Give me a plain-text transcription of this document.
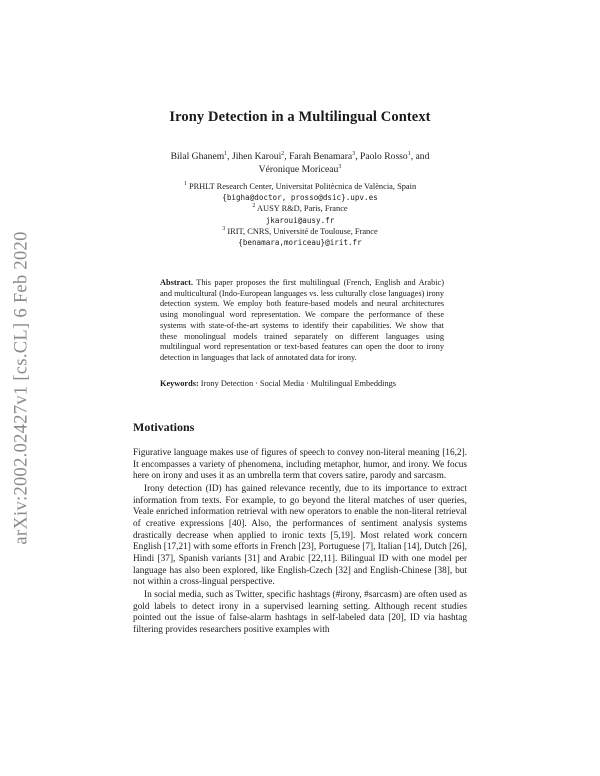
arXiv:2002.02427v1 [cs.CL] 6 Feb 2020
Irony Detection in a Multilingual Context
Bilal Ghanem$^1$, Jihen Karoui$^2$, Farah Benamara$^3$, Paolo Rosso$^1$, and
Véronique Moriceau$^3$
$^1$ PRHLT Research Center, Universitat Politècnica de València, Spain
{bigha@doctor, prosso@dsic}.upv.es
$^2$ AUSY R&D, Paris, France
jkaroui@ausy.fr
$^3$ IRIT, CNRS, Université de Toulouse, France
{benamara,moriceau}@irit.fr
Abstract. This paper proposes the first multilingual (French, English and Arabic) and multicultural (Indo-European languages vs. less culturally close languages) irony detection system. We employ both feature-based models and neural architectures using monolingual word representation. We compare the performance of these systems with state-of-the-art systems to identify their capabilities. We show that these monolingual models trained separately on different languages using multilingual word representation or text-based features can open the door to irony detection in languages that lack of annotated data for irony.
Keywords: Irony Detection · Social Media · Multilingual Embeddings
Motivations

Figurative language makes use of figures of speech to convey non-literal meaning [16,2]. It encompasses a variety of phenomena, including metaphor, humor, and irony. We focus here on irony and uses it as an umbrella term that covers satire, parody and sarcasm.

Irony detection (ID) has gained relevance recently, due to its importance to extract information from texts. For example, to go beyond the literal matches of user queries, Veale enriched information retrieval with new operators to enable the non-literal retrieval of creative expressions [40]. Also, the performances of sentiment analysis systems drastically decrease when applied to ironic texts [5,19]. Most related work concern English [17,21] with some efforts in French [23], Portuguese [7], Italian [14], Dutch [26], Hindi [37], Spanish variants [31] and Arabic [22,11]. Bilingual ID with one model per language has also been explored, like English-Czech [32] and English-Chinese [38], but not within a cross-lingual perspective.

In social media, such as Twitter, specific hashtags (#irony, #sarcasm) are often used as gold labels to detect irony in a supervised learning setting. Although recent studies pointed out the issue of false-alarm hashtags in self-labeled data [20], ID via hashtag filtering provides researchers positive examples with
